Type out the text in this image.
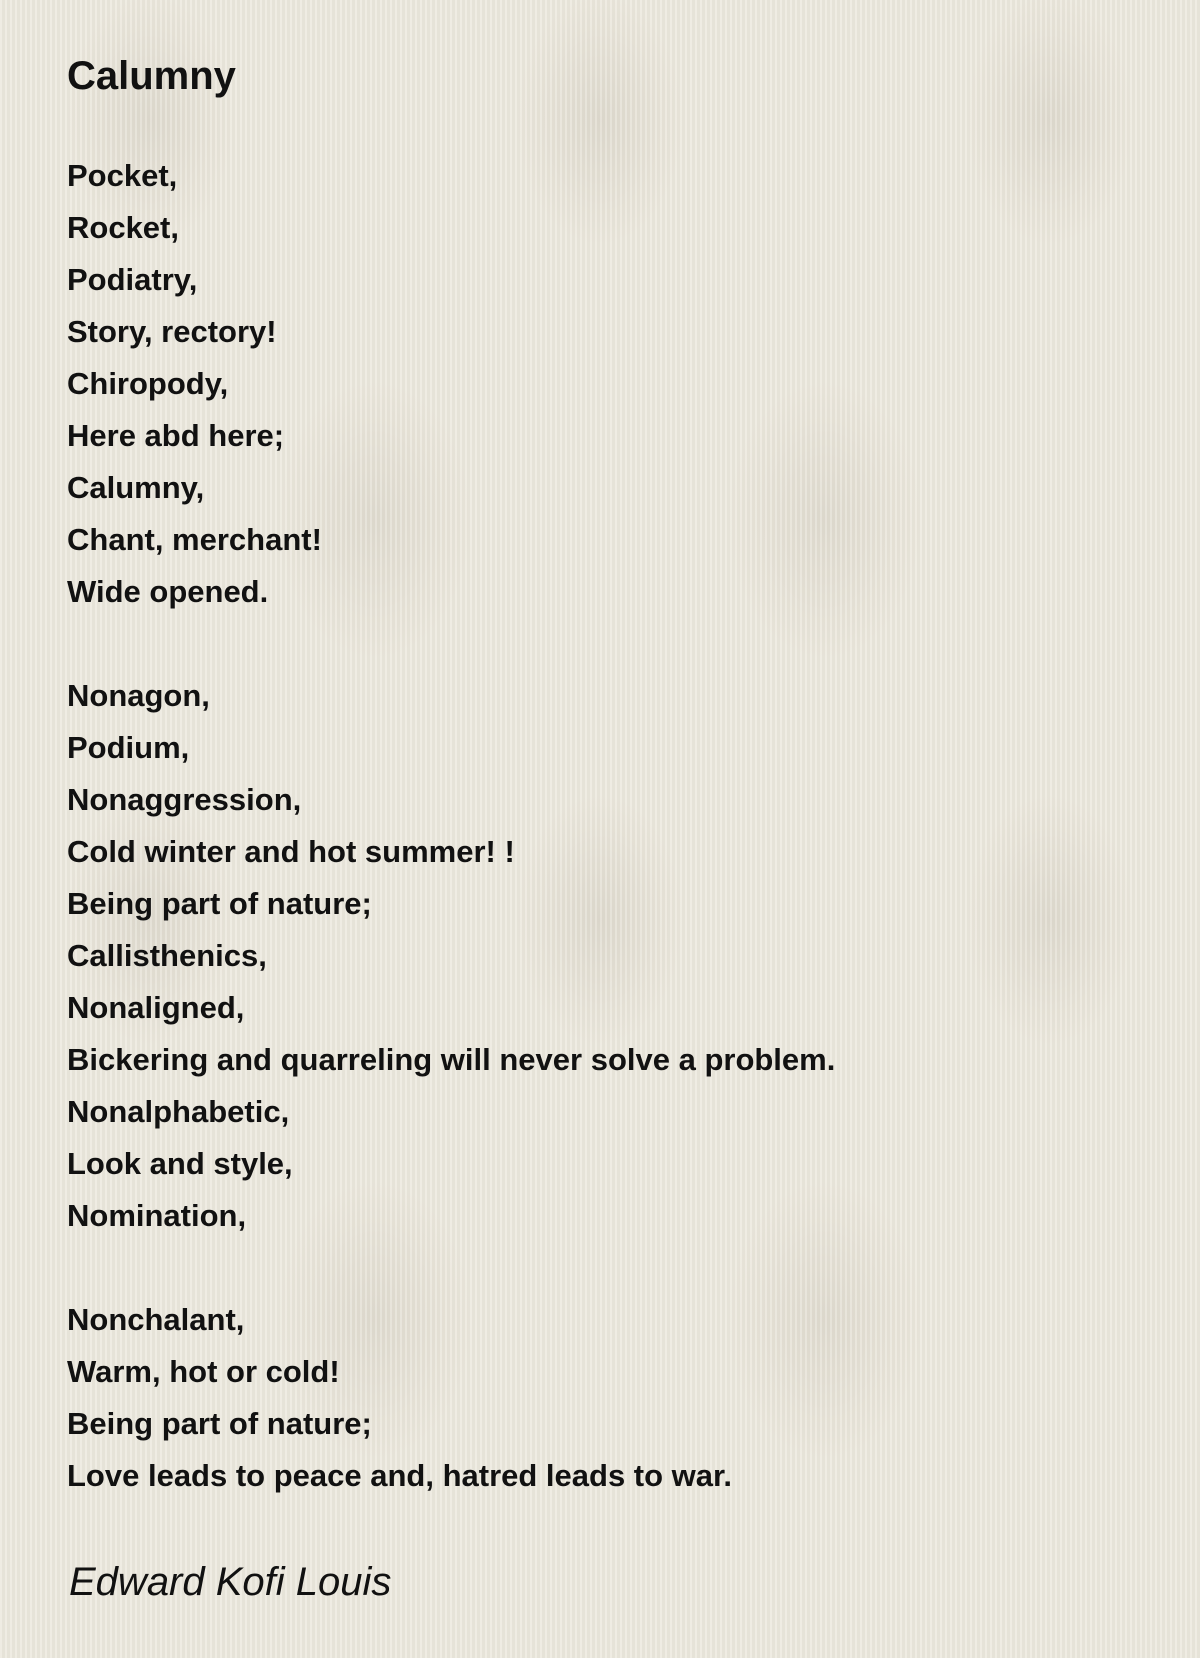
Calumny
Pocket,
Rocket,
Podiatry,
Story, rectory!
Chiropody,
Here abd here;
Calumny,
Chant, merchant!
Wide opened.
Nonagon,
Podium,
Nonaggression,
Cold winter and hot summer! !
Being part of nature;
Callisthenics,
Nonaligned,
Bickering and quarreling will never solve a problem.
Nonalphabetic,
Look and style,
Nomination,
Nonchalant,
Warm, hot or cold!
Being part of nature;
Love leads to peace and, hatred leads to war.

Edward Kofi Louis
